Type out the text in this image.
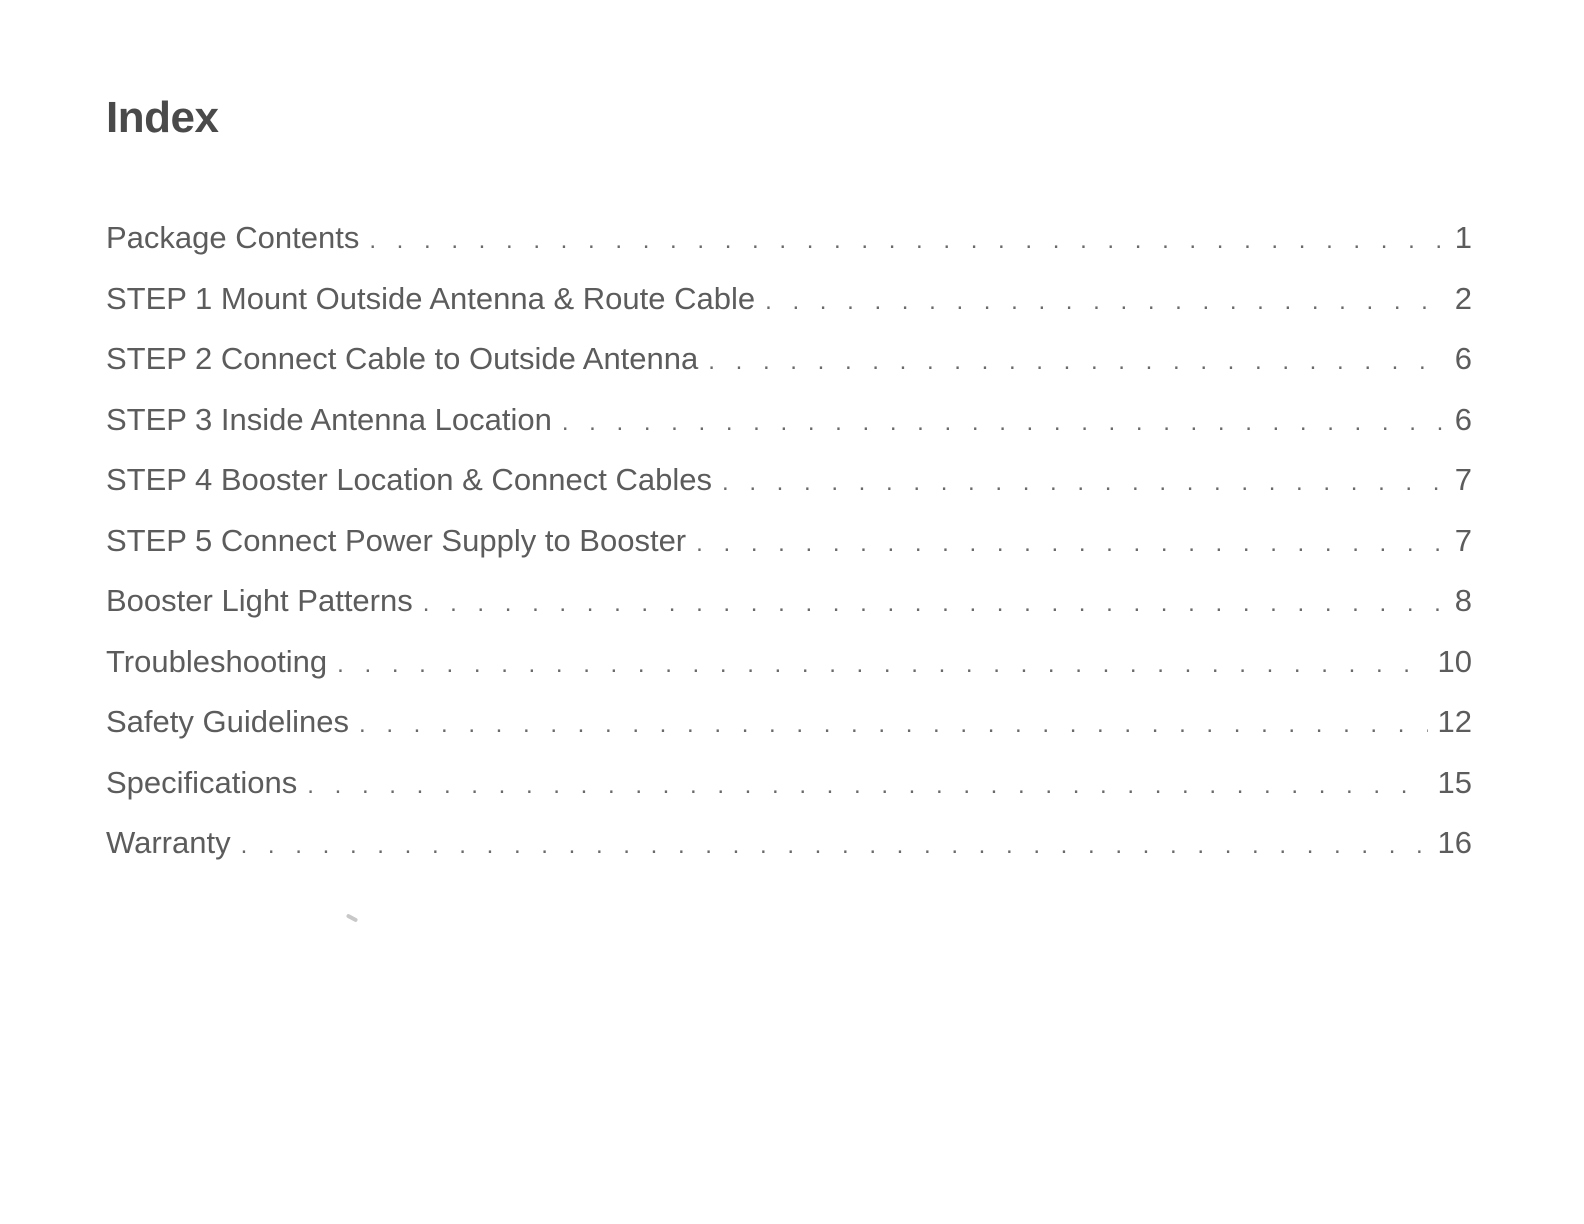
Index
Package Contents . . .	1
STEP 1 Mount Outside Antenna & Route Cable . . .	2
STEP 2 Connect Cable to Outside Antenna . . .	6
STEP 3 Inside Antenna Location . . .	6
STEP 4 Booster Location & Connect Cables . . .	7
STEP 5 Connect Power Supply to Booster . . .	7
Booster Light Patterns . . .	8
Troubleshooting . . .	10
Safety Guidelines . . .	12
Specifications . . .	15
Warranty . . .	16
